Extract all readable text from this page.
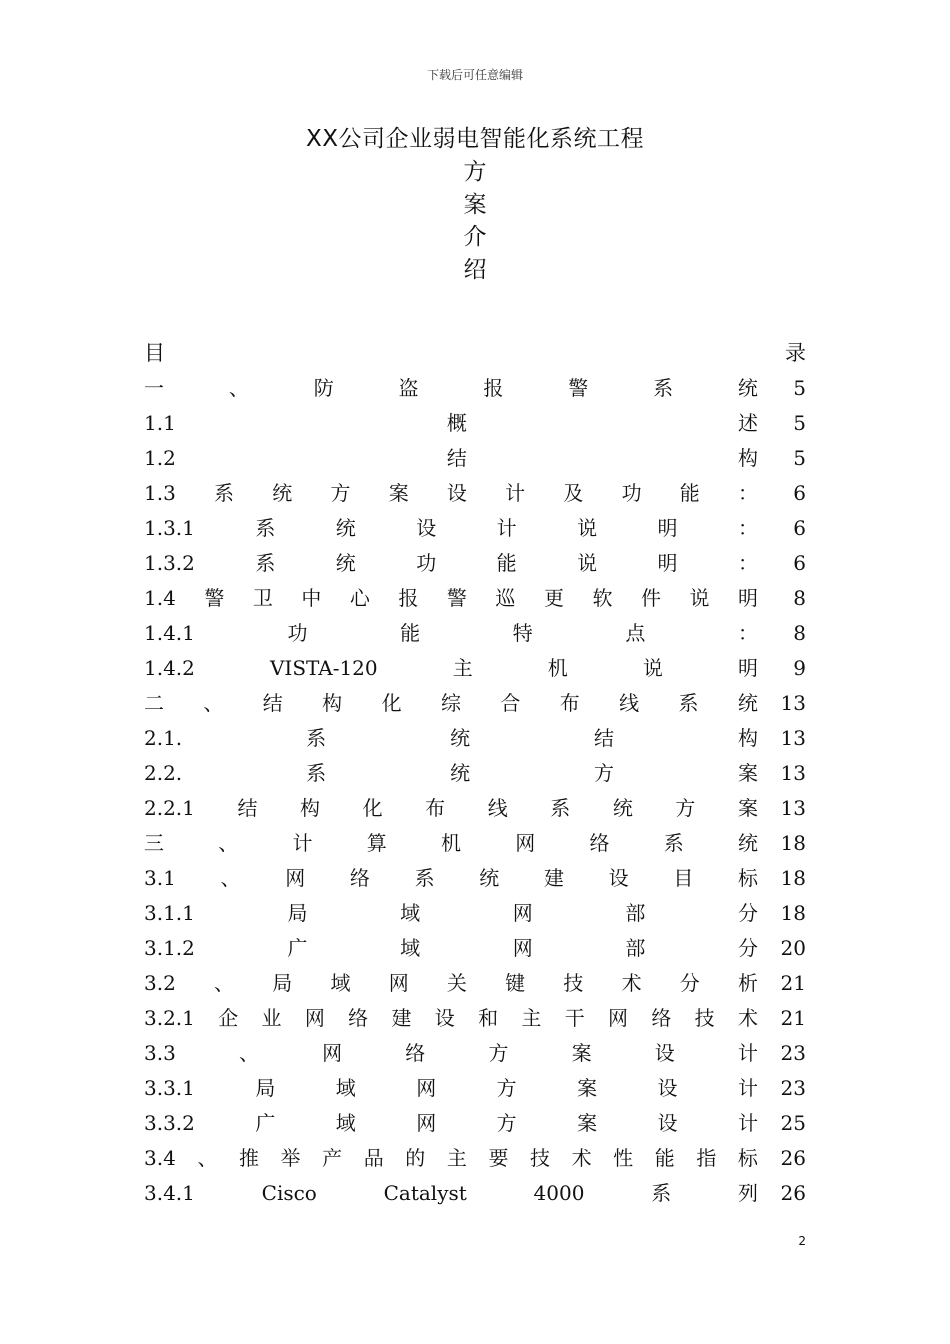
下载后可任意编辑
XX公司企业弱电智能化系统工程
方
案
介
绍
目	录
一	、	防	盗	报	警	系	统	5
1.1	概	述	5
1.2	结	构	5
1.3 系 统 方 案 设 计 及 功 能 ：	6
1.3.1	系	统	设	计	说	明	：	6
1.3.2	系	统	功	能	说	明	：	6
1.4 警 卫 中 心 报 警 巡 更 软 件 说 明	8
1.4.1	功	能	特	点	：	8
1.4.2	VISTA-120	主	机	说	明	9
二 、 结 构 化 综 合 布 线 系 统	13
2.1.	系	统	结	构	13
2.2.	系	统	方	案	13
2.2.1 结 构 化 布 线 系 统 方 案	13
三	、	计	算	机	网	络	系	统	18
3.1 、 网 络 系 统 建 设 目 标	18
3.1.1	局	域	网	部	分	18
3.1.2	广	域	网	部	分	20
3.2 、 局 域 网 关 键 技 术 分 析	21
3.2.1 企 业 网 络 建 设 和 主 干 网 络 技 术	21
3.3	、	网	络	方	案	设	计	23
3.3.1	局	域	网	方	案	设	计	23
3.3.2	广	域	网	方	案	设	计	25
3.4 、 推 举 产 品 的 主 要 技 术 性 能 指 标	26
3.4.1	Cisco	Catalyst	4000	系	列	26
2
